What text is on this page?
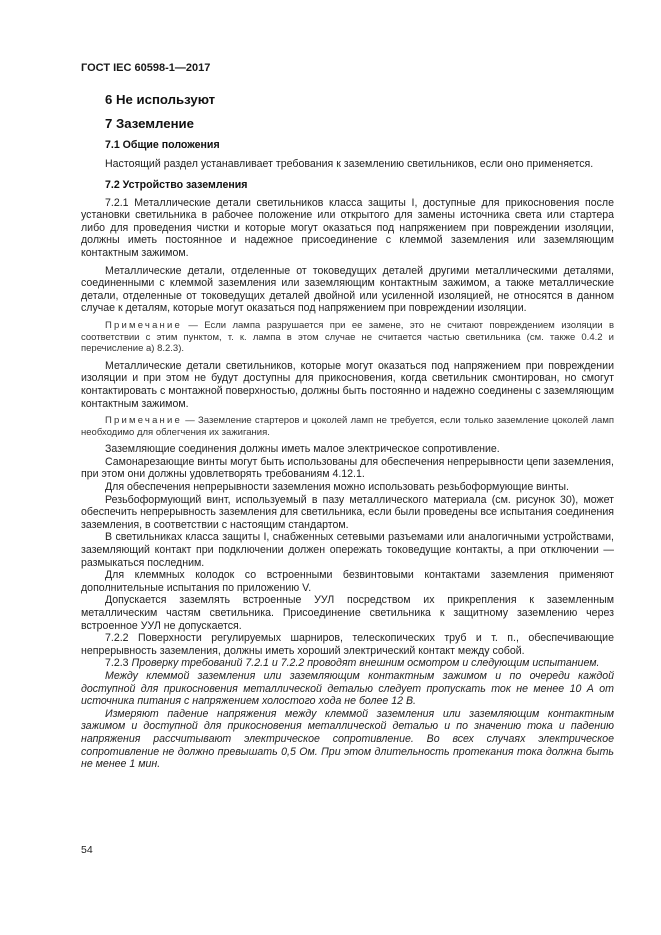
ГОСТ IEC 60598-1—2017
6 Не используют
7 Заземление
7.1 Общие положения

Настоящий раздел устанавливает требования к заземлению светильников, если оно применяется.

7.2 Устройство заземления

7.2.1 Металлические детали светильников класса защиты I, доступные для прикосновения после установки светильника в рабочее положение или открытого для замены источника света или стартера либо для проведения чистки и которые могут оказаться под напряжением при повреждении изоляции, должны иметь постоянное и надежное присоединение с клеммой заземления или заземляющим контактным зажимом.

Металлические детали, отделенные от токоведущих деталей другими металлическими деталями, соединенными с клеммой заземления или заземляющим контактным зажимом, а также металлические детали, отделенные от токоведущих деталей двойной или усиленной изоляцией, не относятся в данном случае к деталям, которые могут оказаться под напряжением при повреждении изоляции.

Примечание — Если лампа разрушается при ее замене, это не считают повреждением изоляции в соответствии с этим пунктом, т. к. лампа в этом случае не считается частью светильника (см. также 0.4.2 и перечисление а) 8.2.3).

Металлические детали светильников, которые могут оказаться под напряжением при повреждении изоляции и при этом не будут доступны для прикосновения, когда светильник смонтирован, но смогут контактировать с монтажной поверхностью, должны быть постоянно и надежно соединены с заземляющим контактным зажимом.

Примечание — Заземление стартеров и цоколей ламп не требуется, если только заземление цоколей ламп необходимо для облегчения их зажигания.

Заземляющие соединения должны иметь малое электрическое сопротивление.

Самонарезающие винты могут быть использованы для обеспечения непрерывности цепи заземления, при этом они должны удовлетворять требованиям 4.12.1.

Для обеспечения непрерывности заземления можно использовать резьбоформующие винты.

Резьбоформующий винт, используемый в пазу металлического материала (см. рисунок 30), может обеспечить непрерывность заземления для светильника, если были проведены все испытания соединения заземления, в соответствии с настоящим стандартом.

В светильниках класса защиты I, снабженных сетевыми разъемами или аналогичными устройствами, заземляющий контакт при подключении должен опережать токоведущие контакты, а при отключении — размыкаться последним.

Для клеммных колодок со встроенными безвинтовыми контактами заземления применяют дополнительные испытания по приложению V.

Допускается заземлять встроенные УУЛ посредством их прикрепления к заземленным металлическим частям светильника. Присоединение светильника к защитному заземлению через встроенное УУЛ не допускается.

7.2.2 Поверхности регулируемых шарниров, телескопических труб и т. п., обеспечивающие непрерывность заземления, должны иметь хороший электрический контакт между собой.

7.2.3 Проверку требований 7.2.1 и 7.2.2 проводят внешним осмотром и следующим испытанием.

Между клеммой заземления или заземляющим контактным зажимом и по очереди каждой доступной для прикосновения металлической деталью следует пропускать ток не менее 10 А от источника питания с напряжением холостого хода не более 12 В.

Измеряют падение напряжения между клеммой заземления или заземляющим контактным зажимом и доступной для прикосновения металлической деталью и по значению тока и падению напряжения рассчитывают электрическое сопротивление. Во всех случаях электрическое сопротивление не должно превышать 0,5 Ом. При этом длительность протекания тока должна быть не менее 1 мин.

54
